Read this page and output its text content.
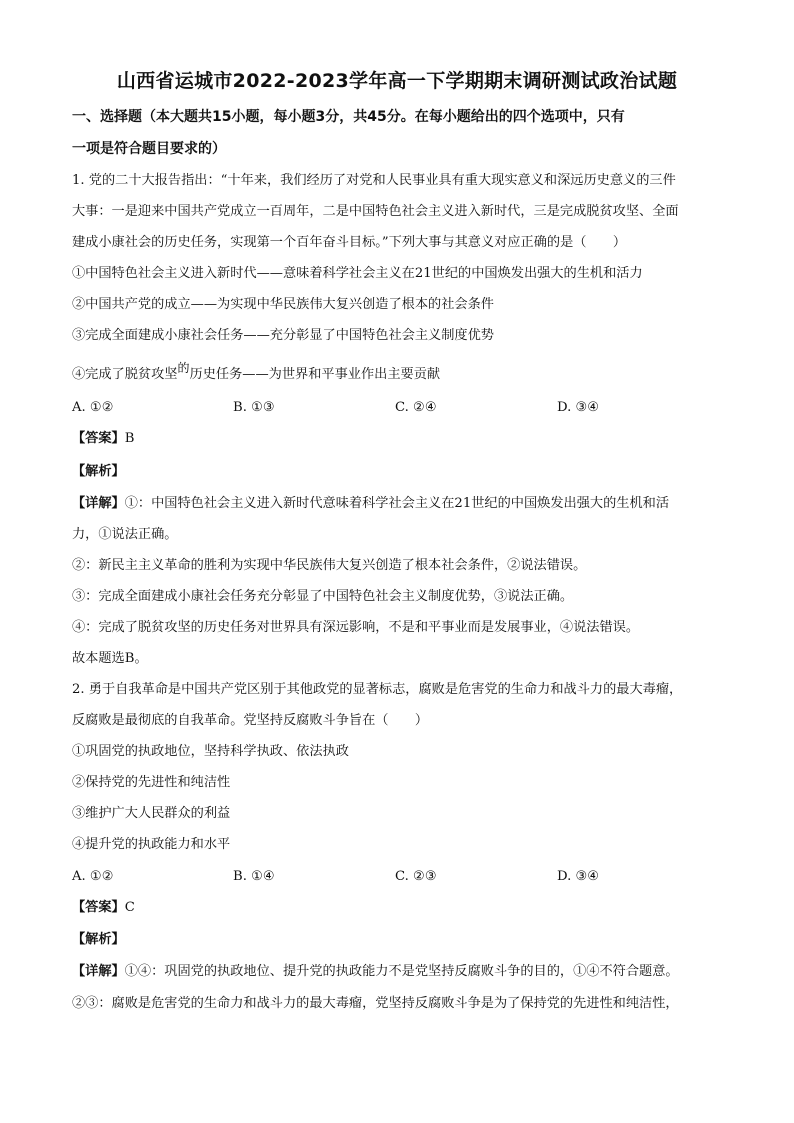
山西省运城市2022-2023学年高一下学期期末调研测试政治试题
一、选择题（本大题共15小题，每小题3分，共45分。在每小题给出的四个选项中，只有
一项是符合题目要求的）
1. 党的二十大报告指出：“十年来，我们经历了对党和人民事业具有重大现实意义和深远历史意义的三件
大事：一是迎来中国共产党成立一百周年，二是中国特色社会主义进入新时代，三是完成脱贫攻坚、全面
建成小康社会的历史任务，实现第一个百年奋斗目标。”下列大事与其意义对应正确的是（　　）
①中国特色社会主义进入新时代——意味着科学社会主义在21世纪的中国焕发出强大的生机和活力
②中国共产党的成立——为实现中华民族伟大复兴创造了根本的社会条件
③完成全面建成小康社会任务——充分彰显了中国特色社会主义制度优势
④完成了脱贫攻坚的历史任务——为世界和平事业作出主要贡献
A. ①②	B. ①③	C. ②④	D. ③④
【答案】B
【解析】
【详解】①：中国特色社会主义进入新时代意味着科学社会主义在21世纪的中国焕发出强大的生机和活
力，①说法正确。
②：新民主主义革命的胜利为实现中华民族伟大复兴创造了根本社会条件，②说法错误。
③：完成全面建成小康社会任务充分彰显了中国特色社会主义制度优势，③说法正确。
④：完成了脱贫攻坚的历史任务对世界具有深远影响，不是和平事业而是发展事业，④说法错误。
故本题选B。
2. 勇于自我革命是中国共产党区别于其他政党的显著标志，腐败是危害党的生命力和战斗力的最大毒瘤，
反腐败是最彻底的自我革命。党坚持反腐败斗争旨在（　　）
①巩固党的执政地位，坚持科学执政、依法执政
②保持党的先进性和纯洁性
③维护广大人民群众的利益
④提升党的执政能力和水平
A. ①②	B. ①④	C. ②③	D. ③④
【答案】C
【解析】
【详解】①④：巩固党的执政地位、提升党的执政能力不是党坚持反腐败斗争的目的，①④不符合题意。
②③：腐败是危害党的生命力和战斗力的最大毒瘤，党坚持反腐败斗争是为了保持党的先进性和纯洁性，
